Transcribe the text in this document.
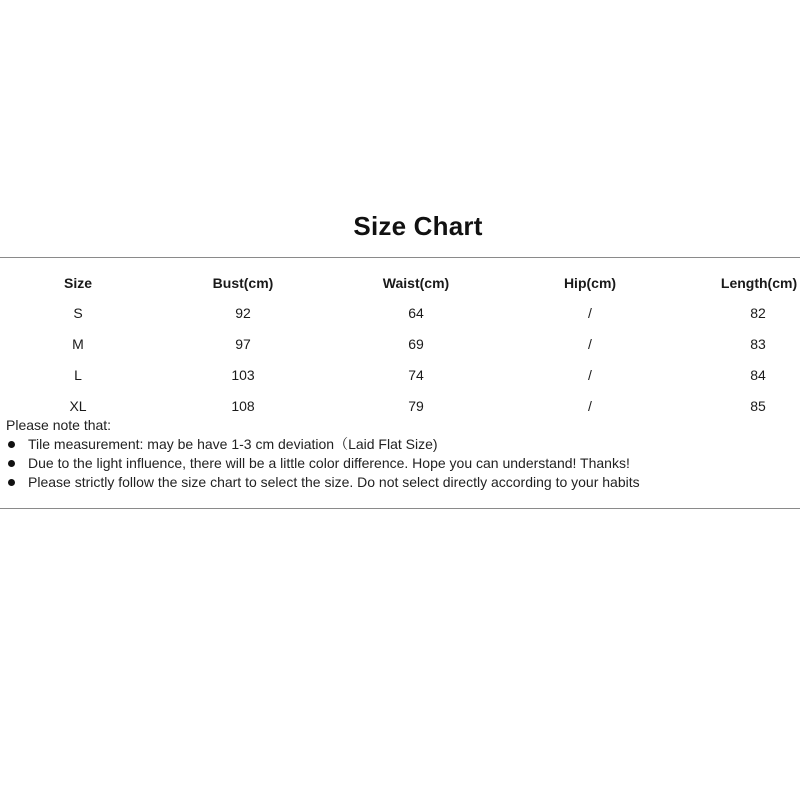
Size Chart
Size	Bust(cm)	Waist(cm)	Hip(cm)	Length(cm)
S	92	64	/	82
M	97	69	/	83
L	103	74	/	84
XL	108	79	/	85
Please note that:
Tile measurement: may be have 1-3 cm deviation（Laid Flat Size)
Due to the light influence, there will be a little color difference. Hope you can understand! Thanks!
Please strictly follow the size chart to select the size. Do not select directly according to your habits
